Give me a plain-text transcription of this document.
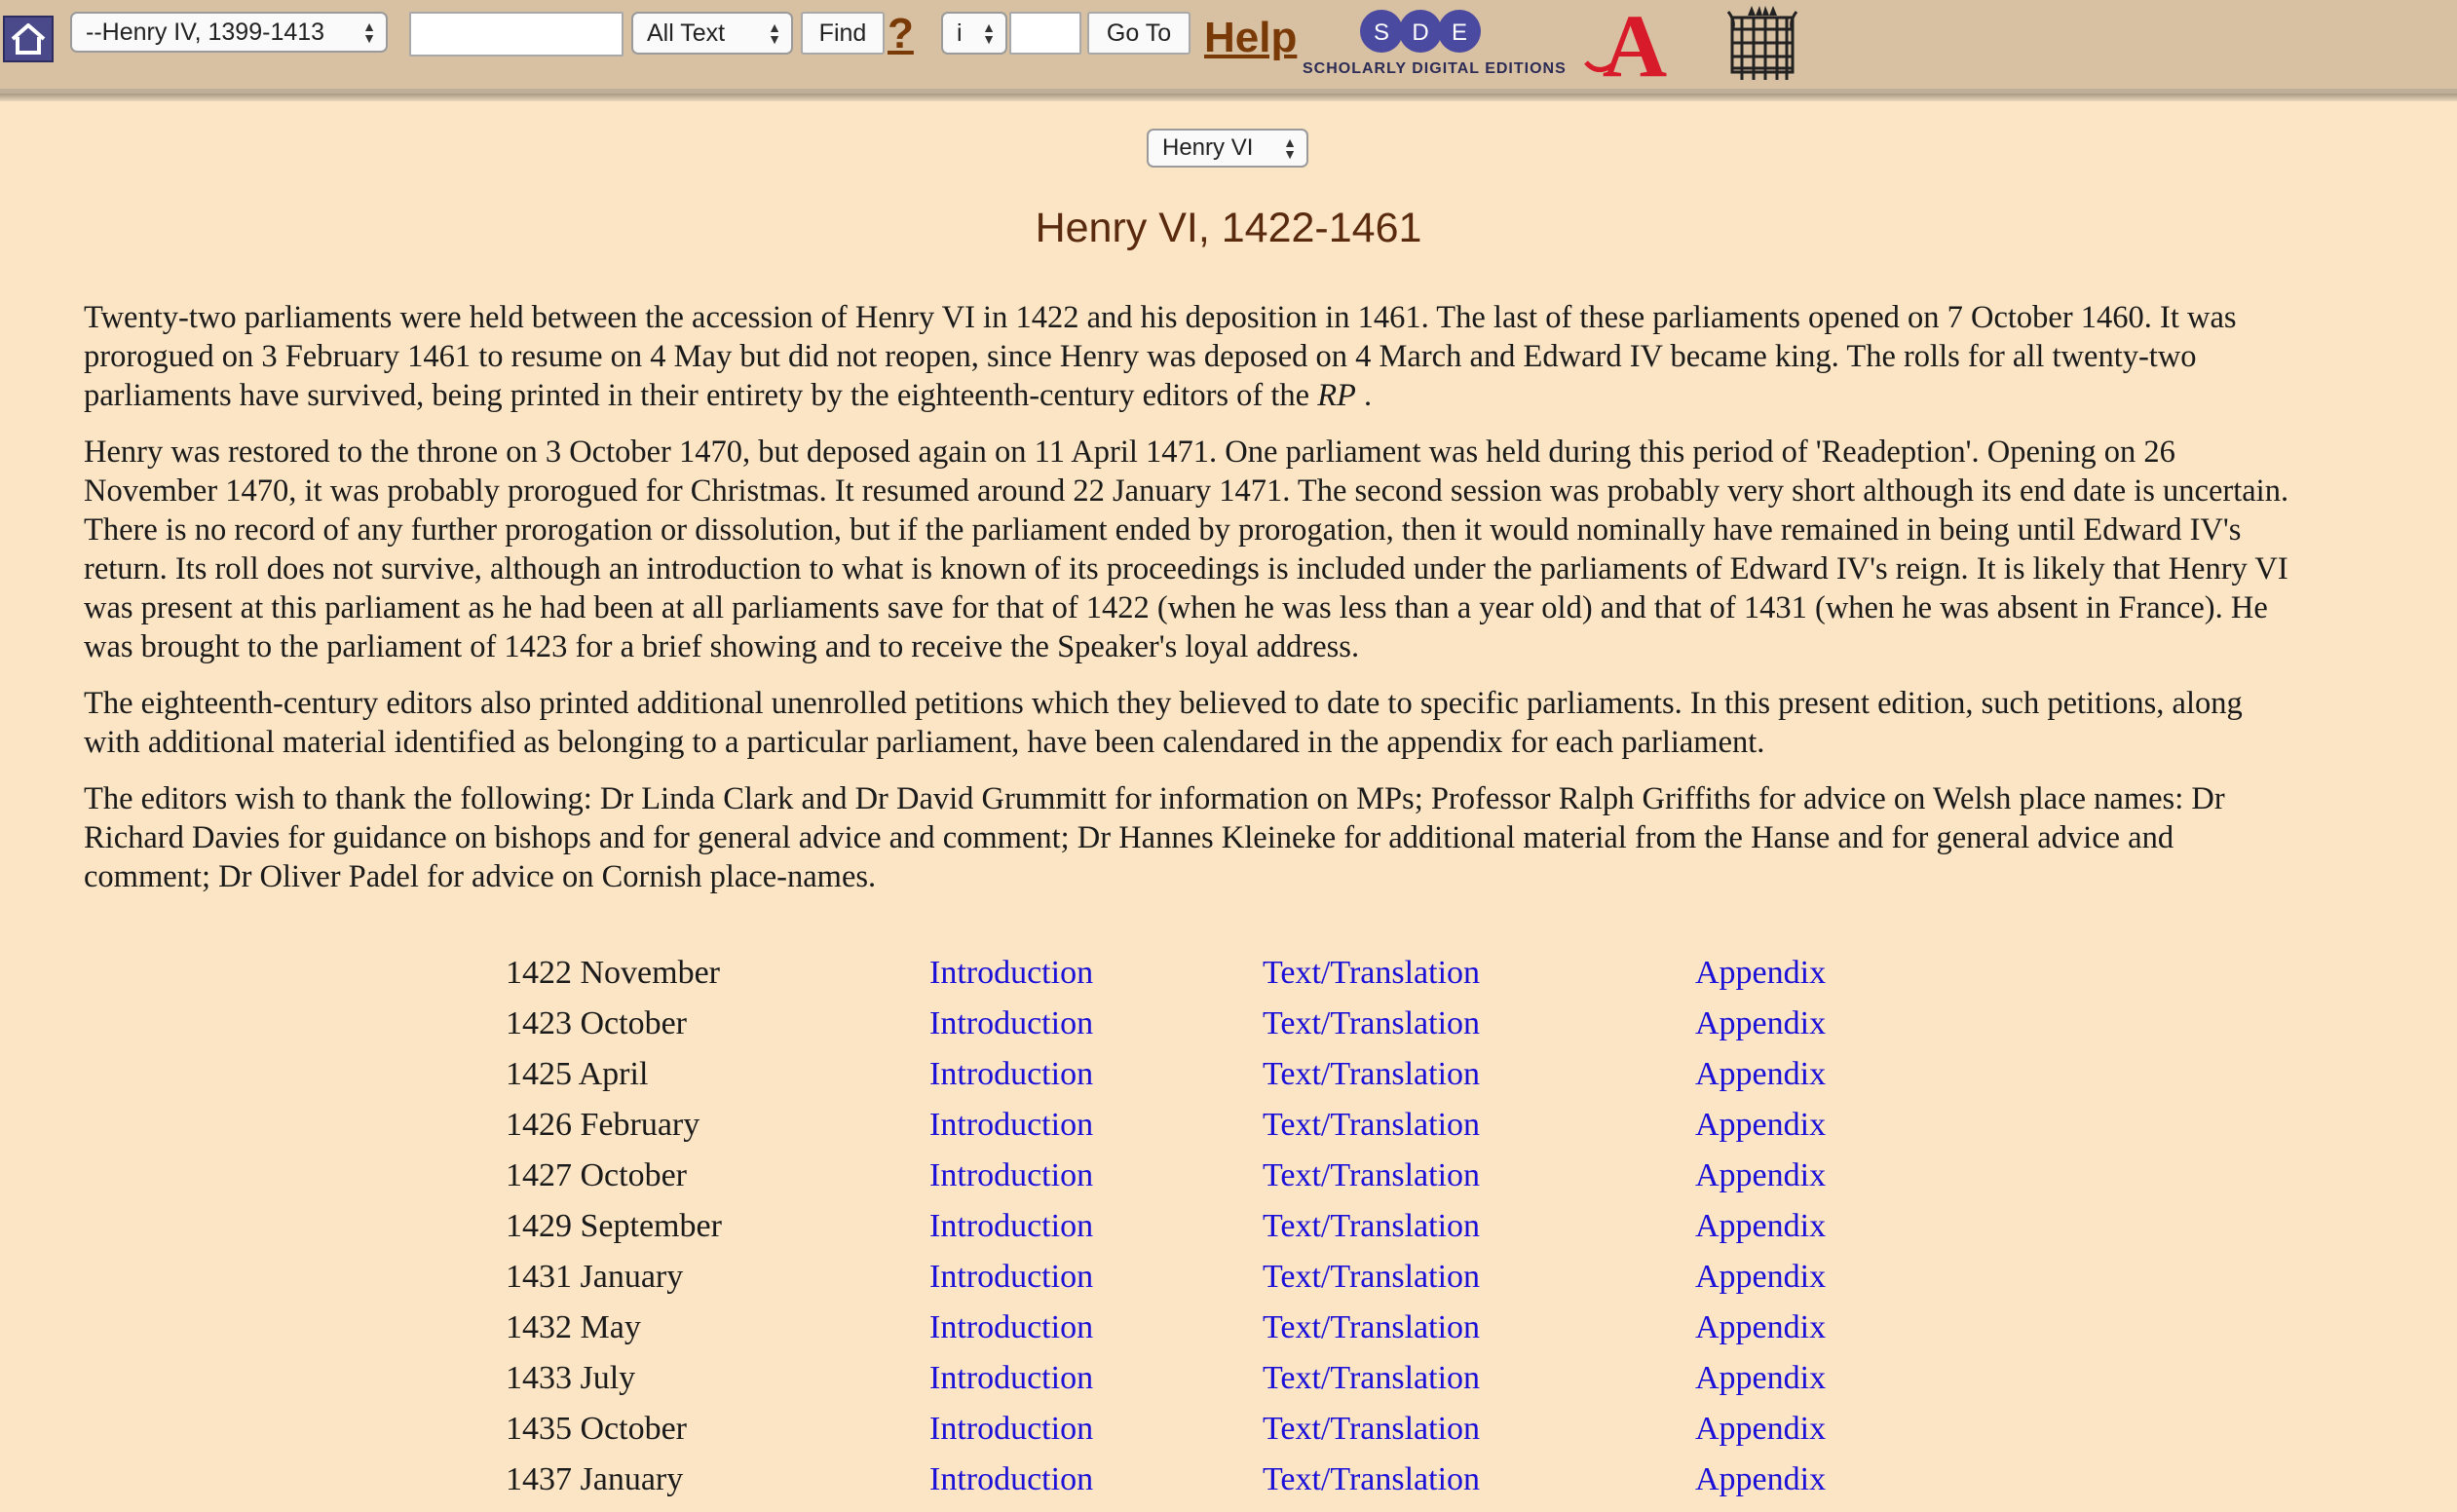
--Henry IV, 1399-1413	▲
▼	All Text	▲
▼	Find ? i ▲
▼	Go To Help	S D E
SCHOLARLY DIGITAL EDITIONS A
Henry VI ▲
▼
Henry VI, 1422-1461

Twenty-two parliaments were held between the accession of Henry VI in 1422 and his deposition in 1461. The last of these parliaments opened on 7 October 1460. It was prorogued on 3 February 1461 to resume on 4 May but did not reopen, since Henry was deposed on 4 March and Edward IV became king. The rolls for all twenty-two parliaments have survived, being printed in their entirety by the eighteenth-century editors of the RP .

Henry was restored to the throne on 3 October 1470, but deposed again on 11 April 1471. One parliament was held during this period of 'Readeption'. Opening on 26 November 1470, it was probably prorogued for Christmas. It resumed around 22 January 1471. The second session was probably very short although its end date is uncertain. There is no record of any further prorogation or dissolution, but if the parliament ended by prorogation, then it would nominally have remained in being until Edward IV's return. Its roll does not survive, although an introduction to what is known of its proceedings is included under the parliaments of Edward IV's reign. It is likely that Henry VI was present at this parliament as he had been at all parliaments save for that of 1422 (when he was less than a year old) and that of 1431 (when he was absent in France). He was brought to the parliament of 1423 for a brief showing and to receive the Speaker's loyal address.

The eighteenth-century editors also printed additional unenrolled petitions which they believed to date to specific parliaments. In this present edition, such petitions, along with additional material identified as belonging to a particular parliament, have been calendared in the appendix for each parliament.

The editors wish to thank the following: Dr Linda Clark and Dr David Grummitt for information on MPs; Professor Ralph Griffiths for advice on Welsh place names: Dr Richard Davies for guidance on bishops and for general advice and comment; Dr Hannes Kleineke for additional material from the Hanse and for general advice and comment; Dr Oliver Padel for advice on Cornish place-names.

1422 November	Introduction	Text/Translation	Appendix
1423 October	Introduction	Text/Translation	Appendix
1425 April	Introduction	Text/Translation	Appendix
1426 February	Introduction	Text/Translation	Appendix
1427 October	Introduction	Text/Translation	Appendix
1429 September	Introduction	Text/Translation	Appendix
1431 January	Introduction	Text/Translation	Appendix
1432 May	Introduction	Text/Translation	Appendix
1433 July	Introduction	Text/Translation	Appendix
1435 October	Introduction	Text/Translation	Appendix
1437 January	Introduction	Text/Translation	Appendix
